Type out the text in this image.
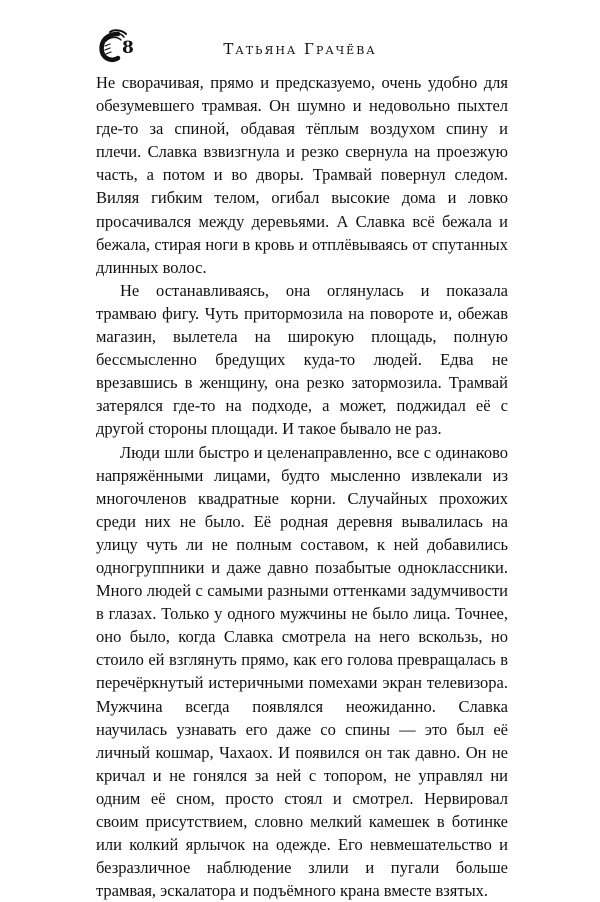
8	Татьяна Грачёва

Не сворачивая, прямо и предсказуемо, очень удобно для обезумевшего трамвая. Он шумно и недовольно пыхтел где-то за спиной, обдавая тёплым воздухом спину и плечи. Славка взвизгнула и резко свернула на проезжую часть, а потом и во дворы. Трамвай повернул следом. Виляя гибким телом, огибал высокие дома и ловко просачивался между деревьями. А Славка всё бежала и бежала, стирая ноги в кровь и отплёвываясь от спутанных длинных волос.

Не останавливаясь, она оглянулась и показала трамваю фигу. Чуть притормозила на повороте и, обежав магазин, вылетела на широкую площадь, полную бессмысленно бредущих куда-то людей. Едва не врезавшись в женщину, она резко затормозила. Трамвай затерялся где-то на подходе, а может, поджидал её с другой стороны площади. И такое бывало не раз.

Люди шли быстро и целенаправленно, все с одинаково напряжёнными лицами, будто мысленно извлекали из многочленов квадратные корни. Случайных прохожих среди них не было. Её родная деревня вывалилась на улицу чуть ли не полным составом, к ней добавились одногруппники и даже давно позабытые одноклассники. Много людей с самыми разными оттенками задумчивости в глазах. Только у одного мужчины не было лица. Точнее, оно было, когда Славка смотрела на него вскользь, но стоило ей взглянуть прямо, как его голова превращалась в перечёркнутый истеричными помехами экран телевизора. Мужчина всегда появлялся неожиданно. Славка научилась узнавать его даже со спины — это был её личный кошмар, Чахаох. И появился он так давно. Он не кричал и не гонялся за ней с топором, не управлял ни одним её сном, просто стоял и смотрел. Нервировал своим присутствием, словно мелкий камешек в ботинке или колкий ярлычок на одежде. Его невмешательство и безразличное наблюдение злили и пугали больше трамвая, эскалатора и подъёмного крана вместе взятых.
